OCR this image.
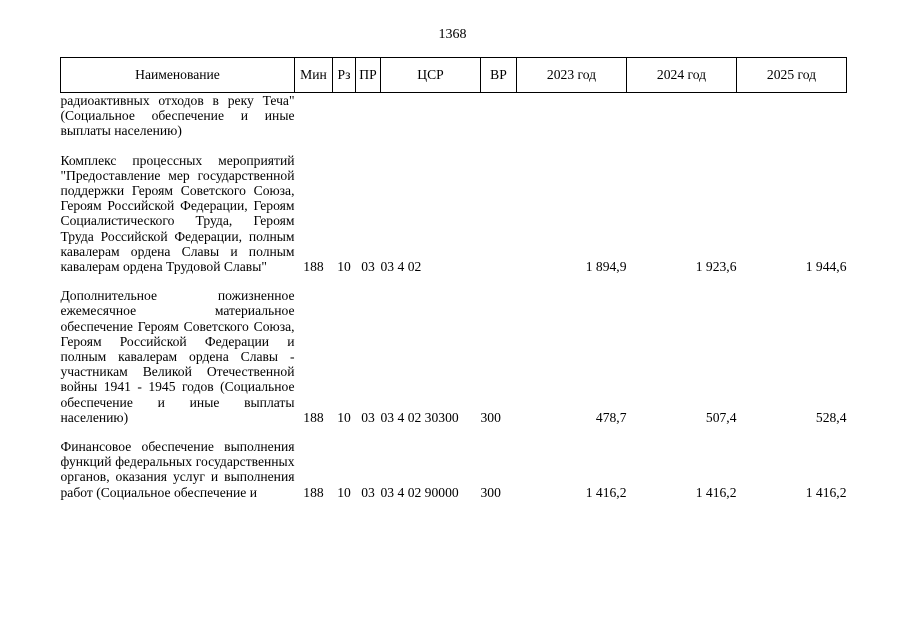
1368
Наименование	Мин	Рз	ПР	ЦСР	ВР	2023 год	2024 год	2025 год
радиоактивных отходов в реку Теча" (Социальное обеспечение и иные выплаты населению)								

Комплекс процессных мероприятий "Предоставление мер государственной поддержки Героям Советского Союза, Героям Российской Федерации, Героям Социалистического Труда, Героям Труда Российской Федерации, полным кавалерам ордена Славы и полным кавалерам ордена Трудовой Славы"	188	10	03	03 4 02		1 894,9	1 923,6	1 944,6

Дополнительное пожизненное ежемесячное материальное обеспечение Героям Советского Союза, Героям Российской Федерации и полным кавалерам ордена Славы - участникам Великой Отечественной войны 1941 - 1945 годов (Социальное обеспечение и иные выплаты населению)	188	10	03	03 4 02 30300	300	478,7	507,4	528,4

Финансовое обеспечение выполнения функций федеральных государственных органов, оказания услуг и выполнения работ (Социальное обеспечение и	188	10	03	03 4 02 90000	300	1 416,2	1 416,2	1 416,2
